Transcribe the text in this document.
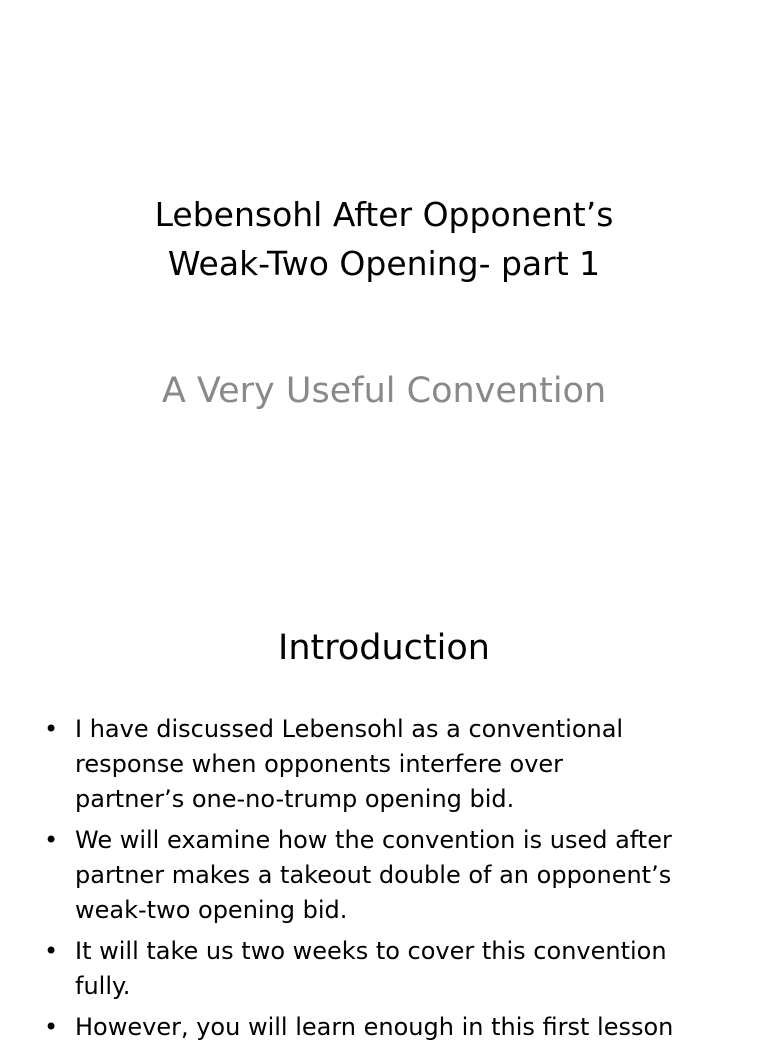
Lebensohl After Opponent’s
Weak-Two Opening- part 1

A Very Useful Convention

Introduction
• I have discussed Lebensohl as a conventional
response when opponents interfere over
partner’s one-no-trump opening bid.
• We will examine how the convention is used after
partner makes a takeout double of an opponent’s
weak-two opening bid.
• It will take us two weeks to cover this convention
fully.
• However, you will learn enough in this first lesson
